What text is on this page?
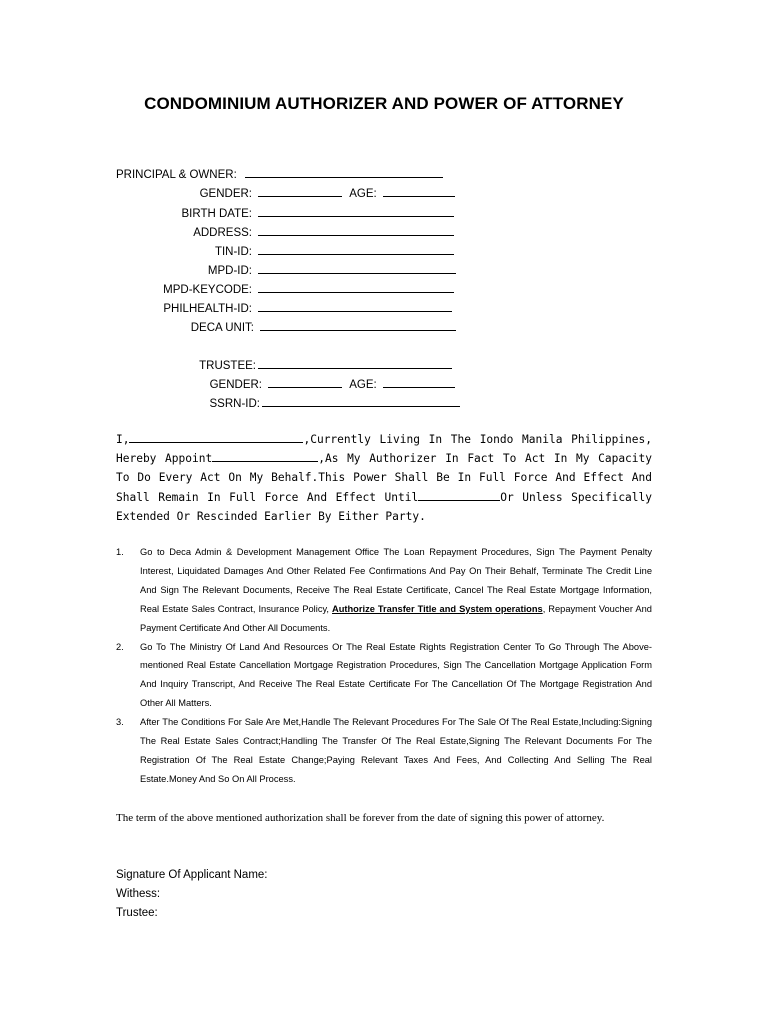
CONDOMINIUM AUTHORIZER AND POWER OF ATTORNEY
PRINCIPAL & OWNER:
GENDER:	AGE:
BIRTH DATE:
ADDRESS:
TIN-ID:
MPD-ID:
MPD-KEYCODE:
PHILHEALTH-ID:
DECA UNIT:
TRUSTEE:
GENDER:	AGE:
SSRN-ID:
I,	,Currently Living In The Iondo Manila Philippines, Hereby Appoint	,As My Authorizer In Fact To Act In My Capacity To Do Every Act On My Behalf.This Power Shall Be In Full Force And Effect And Shall Remain In Full Force And Effect Until	Or Unless Specifically Extended Or Rescinded Earlier By Either Party.
1. Go to Deca Admin & Development Management Office The Loan Repayment Procedures, Sign The Payment Penalty Interest, Liquidated Damages And Other Related Fee Confirmations And Pay On Their Behalf, Terminate The Credit Line And Sign The Relevant Documents, Receive The Real Estate Certificate, Cancel The Real Estate Mortgage Information, Real Estate Sales Contract, Insurance Policy, Authorize Transfer Title and System operations, Repayment Voucher And Payment Certificate And Other All Documents.
2. Go To The Ministry Of Land And Resources Or The Real Estate Rights Registration Center To Go Through The Above-mentioned Real Estate Cancellation Mortgage Registration Procedures, Sign The Cancellation Mortgage Application Form And Inquiry Transcript, And Receive The Real Estate Certificate For The Cancellation Of The Mortgage Registration And Other All Matters.
3. After The Conditions For Sale Are Met,Handle The Relevant Procedures For The Sale Of The Real Estate,Including:Signing The Real Estate Sales Contract;Handling The Transfer Of The Real Estate,Signing The Relevant Documents For The Registration Of The Real Estate Change;Paying Relevant Taxes And Fees, And Collecting And Selling The Real Estate.Money And So On All Process.
The term of the above mentioned authorization shall be forever from the date of signing this power of attorney.
Signature Of Applicant Name:
Withess:
Trustee:
